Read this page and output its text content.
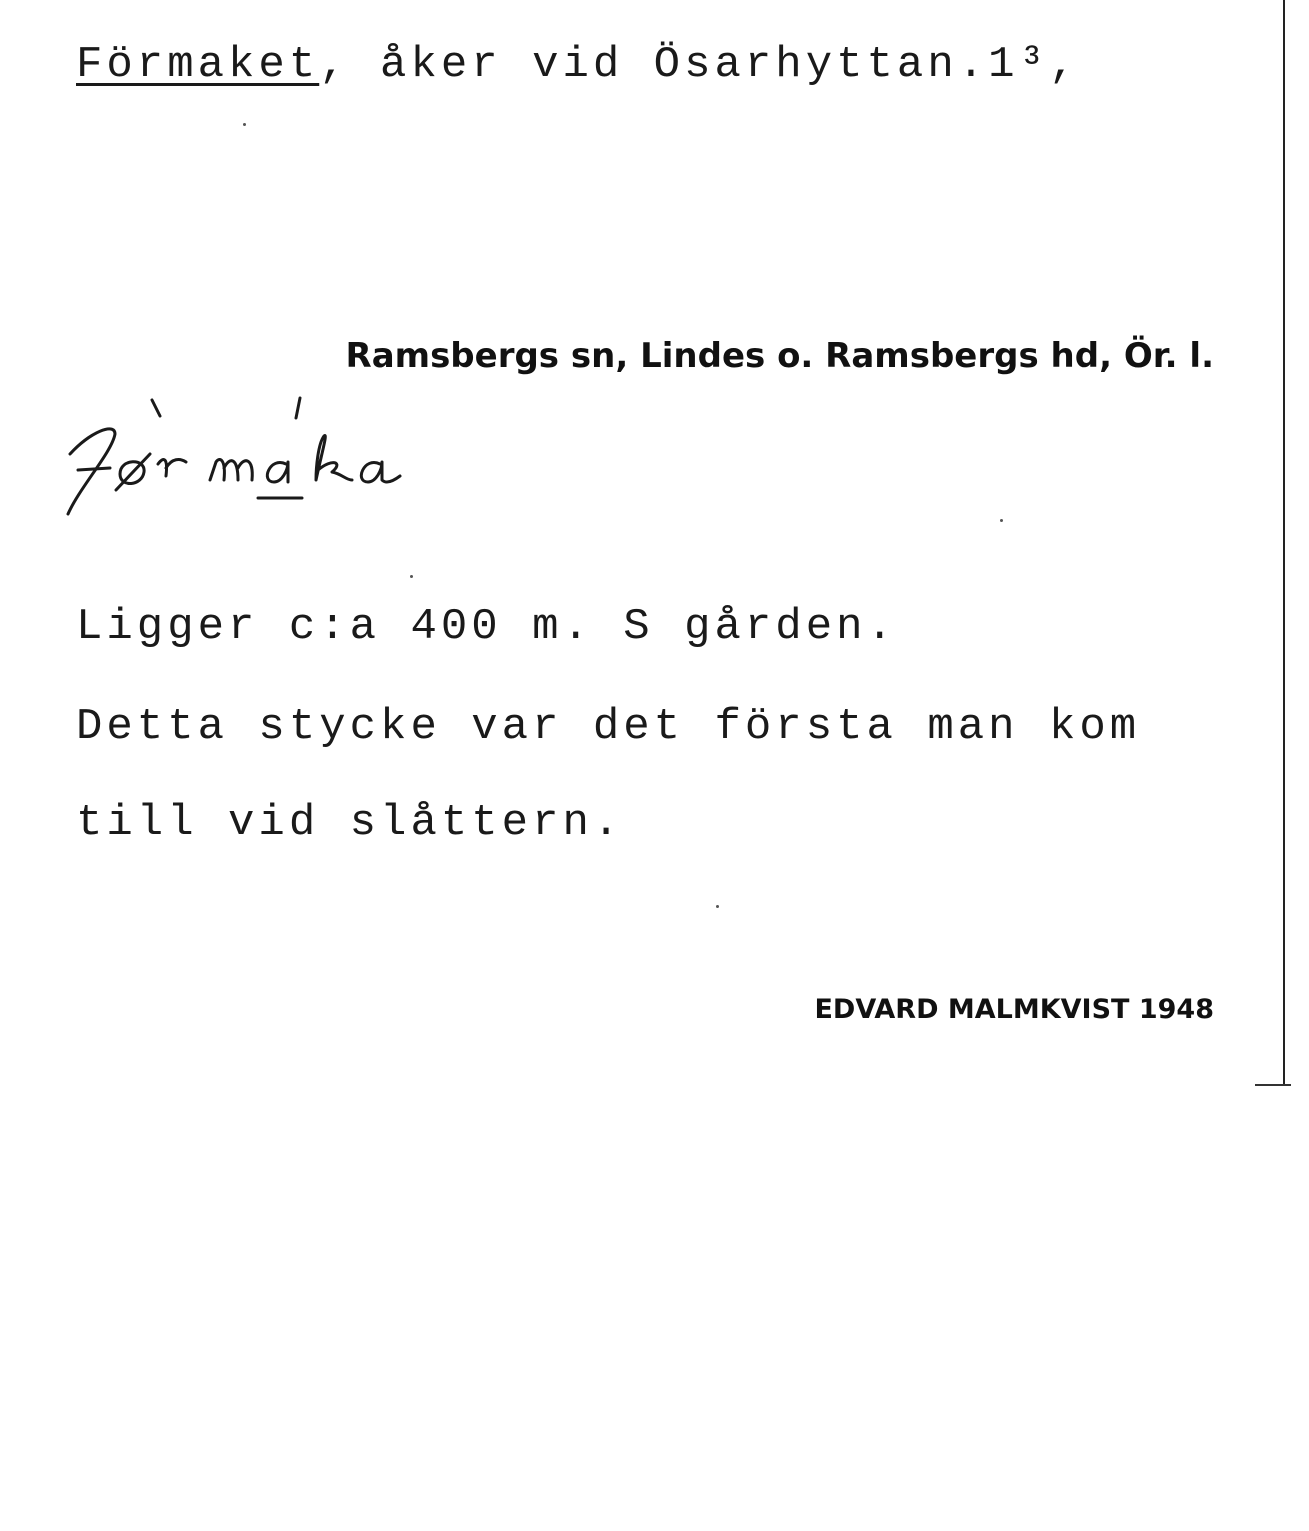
Förmaket, åker vid Ösarhyttan.1³,
Ramsbergs sn, Lindes o. Ramsbergs hd, Ör. l.
Ligger c:a 400 m. S gården.
Detta stycke var det första man kom
till vid slåttern.
EDVARD MALMKVIST 1948
